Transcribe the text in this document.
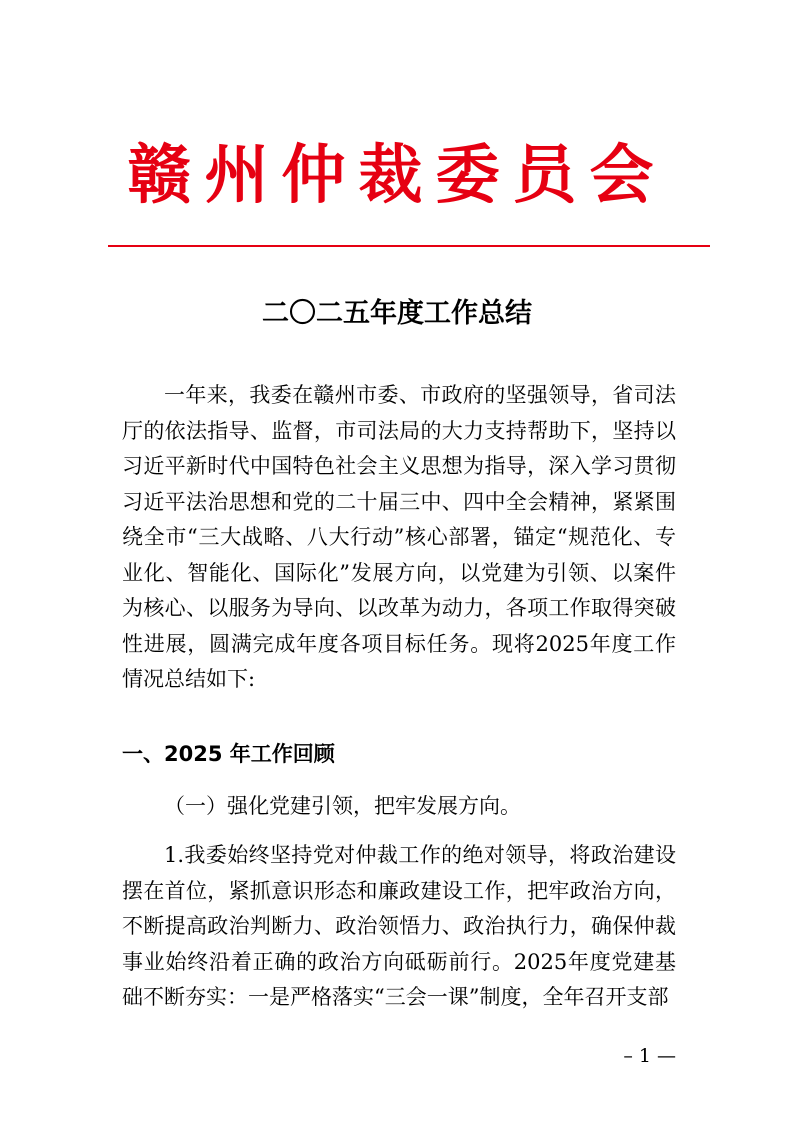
赣州仲裁委员会
二〇二五年度工作总结

一年来，我委在赣州市委、市政府的坚强领导，省司法厅的依法指导、监督，市司法局的大力支持帮助下，坚持以习近平新时代中国特色社会主义思想为指导，深入学习贯彻习近平法治思想和党的二十届三中、四中全会精神，紧紧围绕全市“三大战略、八大行动”核心部署，锚定“规范化、专业化、智能化、国际化”发展方向，以党建为引领、以案件为核心、以服务为导向、以改革为动力，各项工作取得突破性进展，圆满完成年度各项目标任务。现将2025年度工作情况总结如下:

一、2025 年工作回顾
（一）强化党建引领，把牢发展方向。

1.我委始终坚持党对仲裁工作的绝对领导，将政治建设摆在首位，紧抓意识形态和廉政建设工作，把牢政治方向，不断提高政治判断力、政治领悟力、政治执行力，确保仲裁事业始终沿着正确的政治方向砥砺前行。2025年度党建基础不断夯实：一是严格落实“三会一课”制度，全年召开支部

– 1 —
